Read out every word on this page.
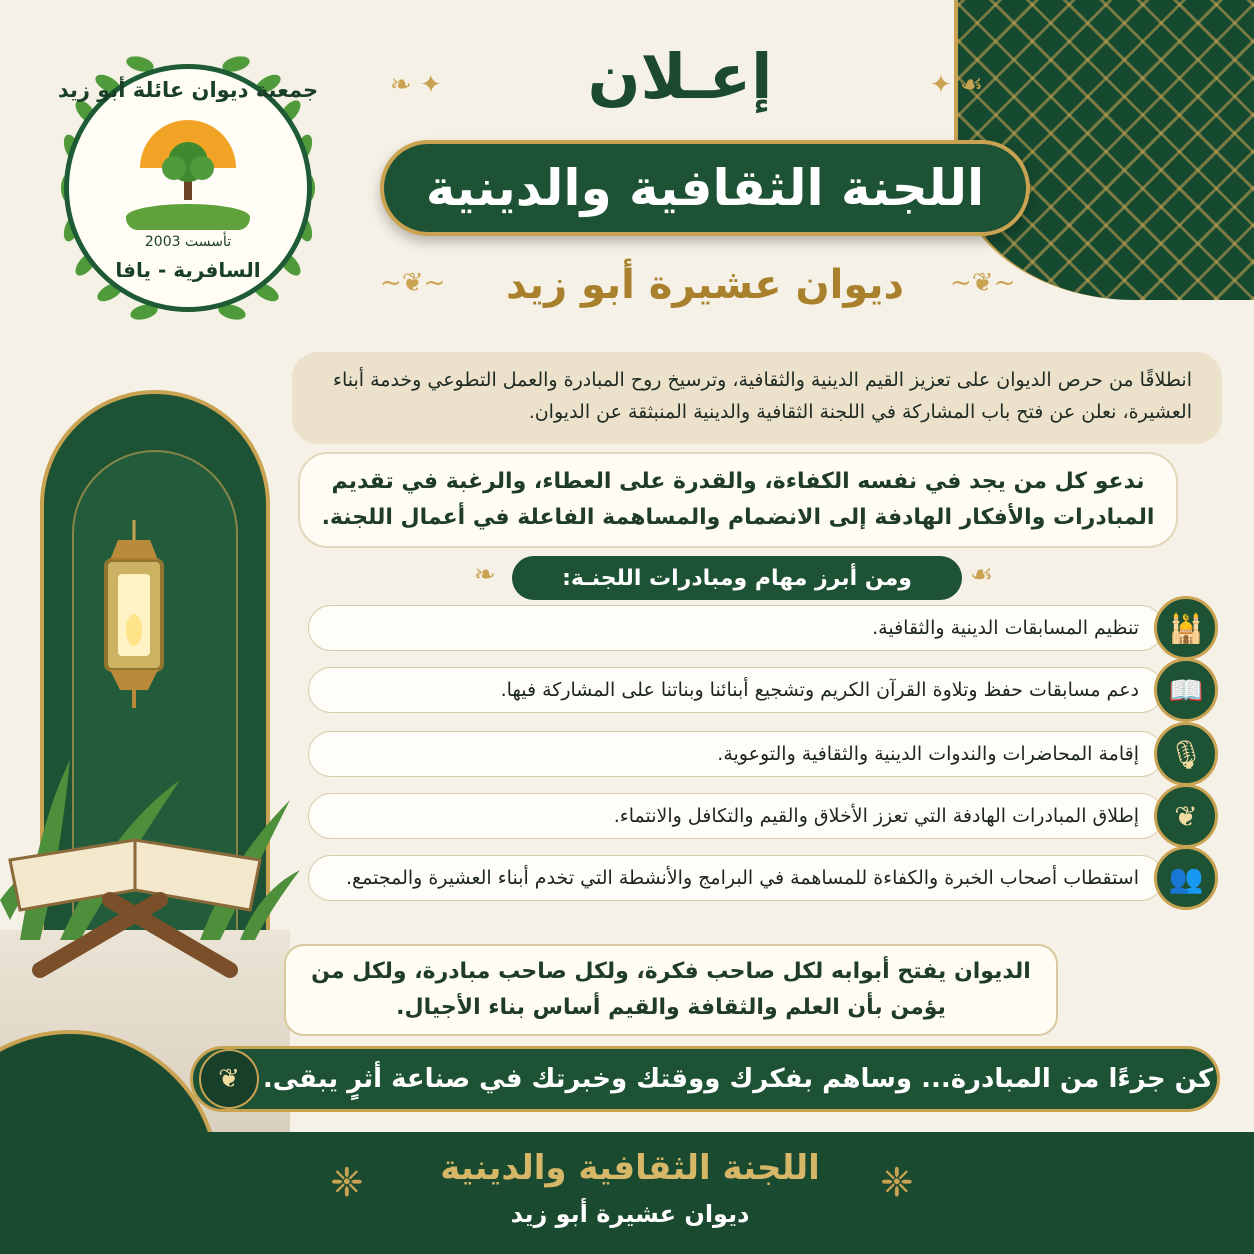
جمعية ديوان عائلة أبو زيد
تأسست 2003
السافرية - يافا
إعـلان
❧ ✦	✦ ☙
اللجنة الثقافية والدينية
~❦~	ديوان عشيرة أبو زيد	~❦~
انطلاقًا من حرص الديوان على تعزيز القيم الدينية والثقافية، وترسيخ روح المبادرة والعمل التطوعي وخدمة أبناء العشيرة، نعلن عن فتح باب المشاركة في اللجنة الثقافية والدينية المنبثقة عن الديوان.
ندعو كل من يجد في نفسه الكفاءة، والقدرة على العطاء، والرغبة في تقديم المبادرات والأفكار الهادفة إلى الانضمام والمساهمة الفاعلة في أعمال اللجنة.
❧	ومن أبرز مهام ومبادرات اللجنـة:	☙
🕌
تنظيم المسابقات الدينية والثقافية.
📖
دعم مسابقات حفظ وتلاوة القرآن الكريم وتشجيع أبنائنا وبناتنا على المشاركة فيها.
🎙
إقامة المحاضرات والندوات الدينية والثقافية والتوعوية.
❦
إطلاق المبادرات الهادفة التي تعزز الأخلاق والقيم والتكافل والانتماء.
👥
استقطاب أصحاب الخبرة والكفاءة للمساهمة في البرامج والأنشطة التي تخدم أبناء العشيرة والمجتمع.
الديوان يفتح أبوابه لكل صاحب فكرة، ولكل صاحب مبادرة، ولكل من يؤمن بأن العلم والثقافة والقيم أساس بناء الأجيال.
❦ كن جزءًا من المبادرة... وساهم بفكرك ووقتك وخبرتك في صناعة أثرٍ يبقى.
❈	اللجنة الثقافية والدينية
ديوان عشيرة أبو زيد
❈
